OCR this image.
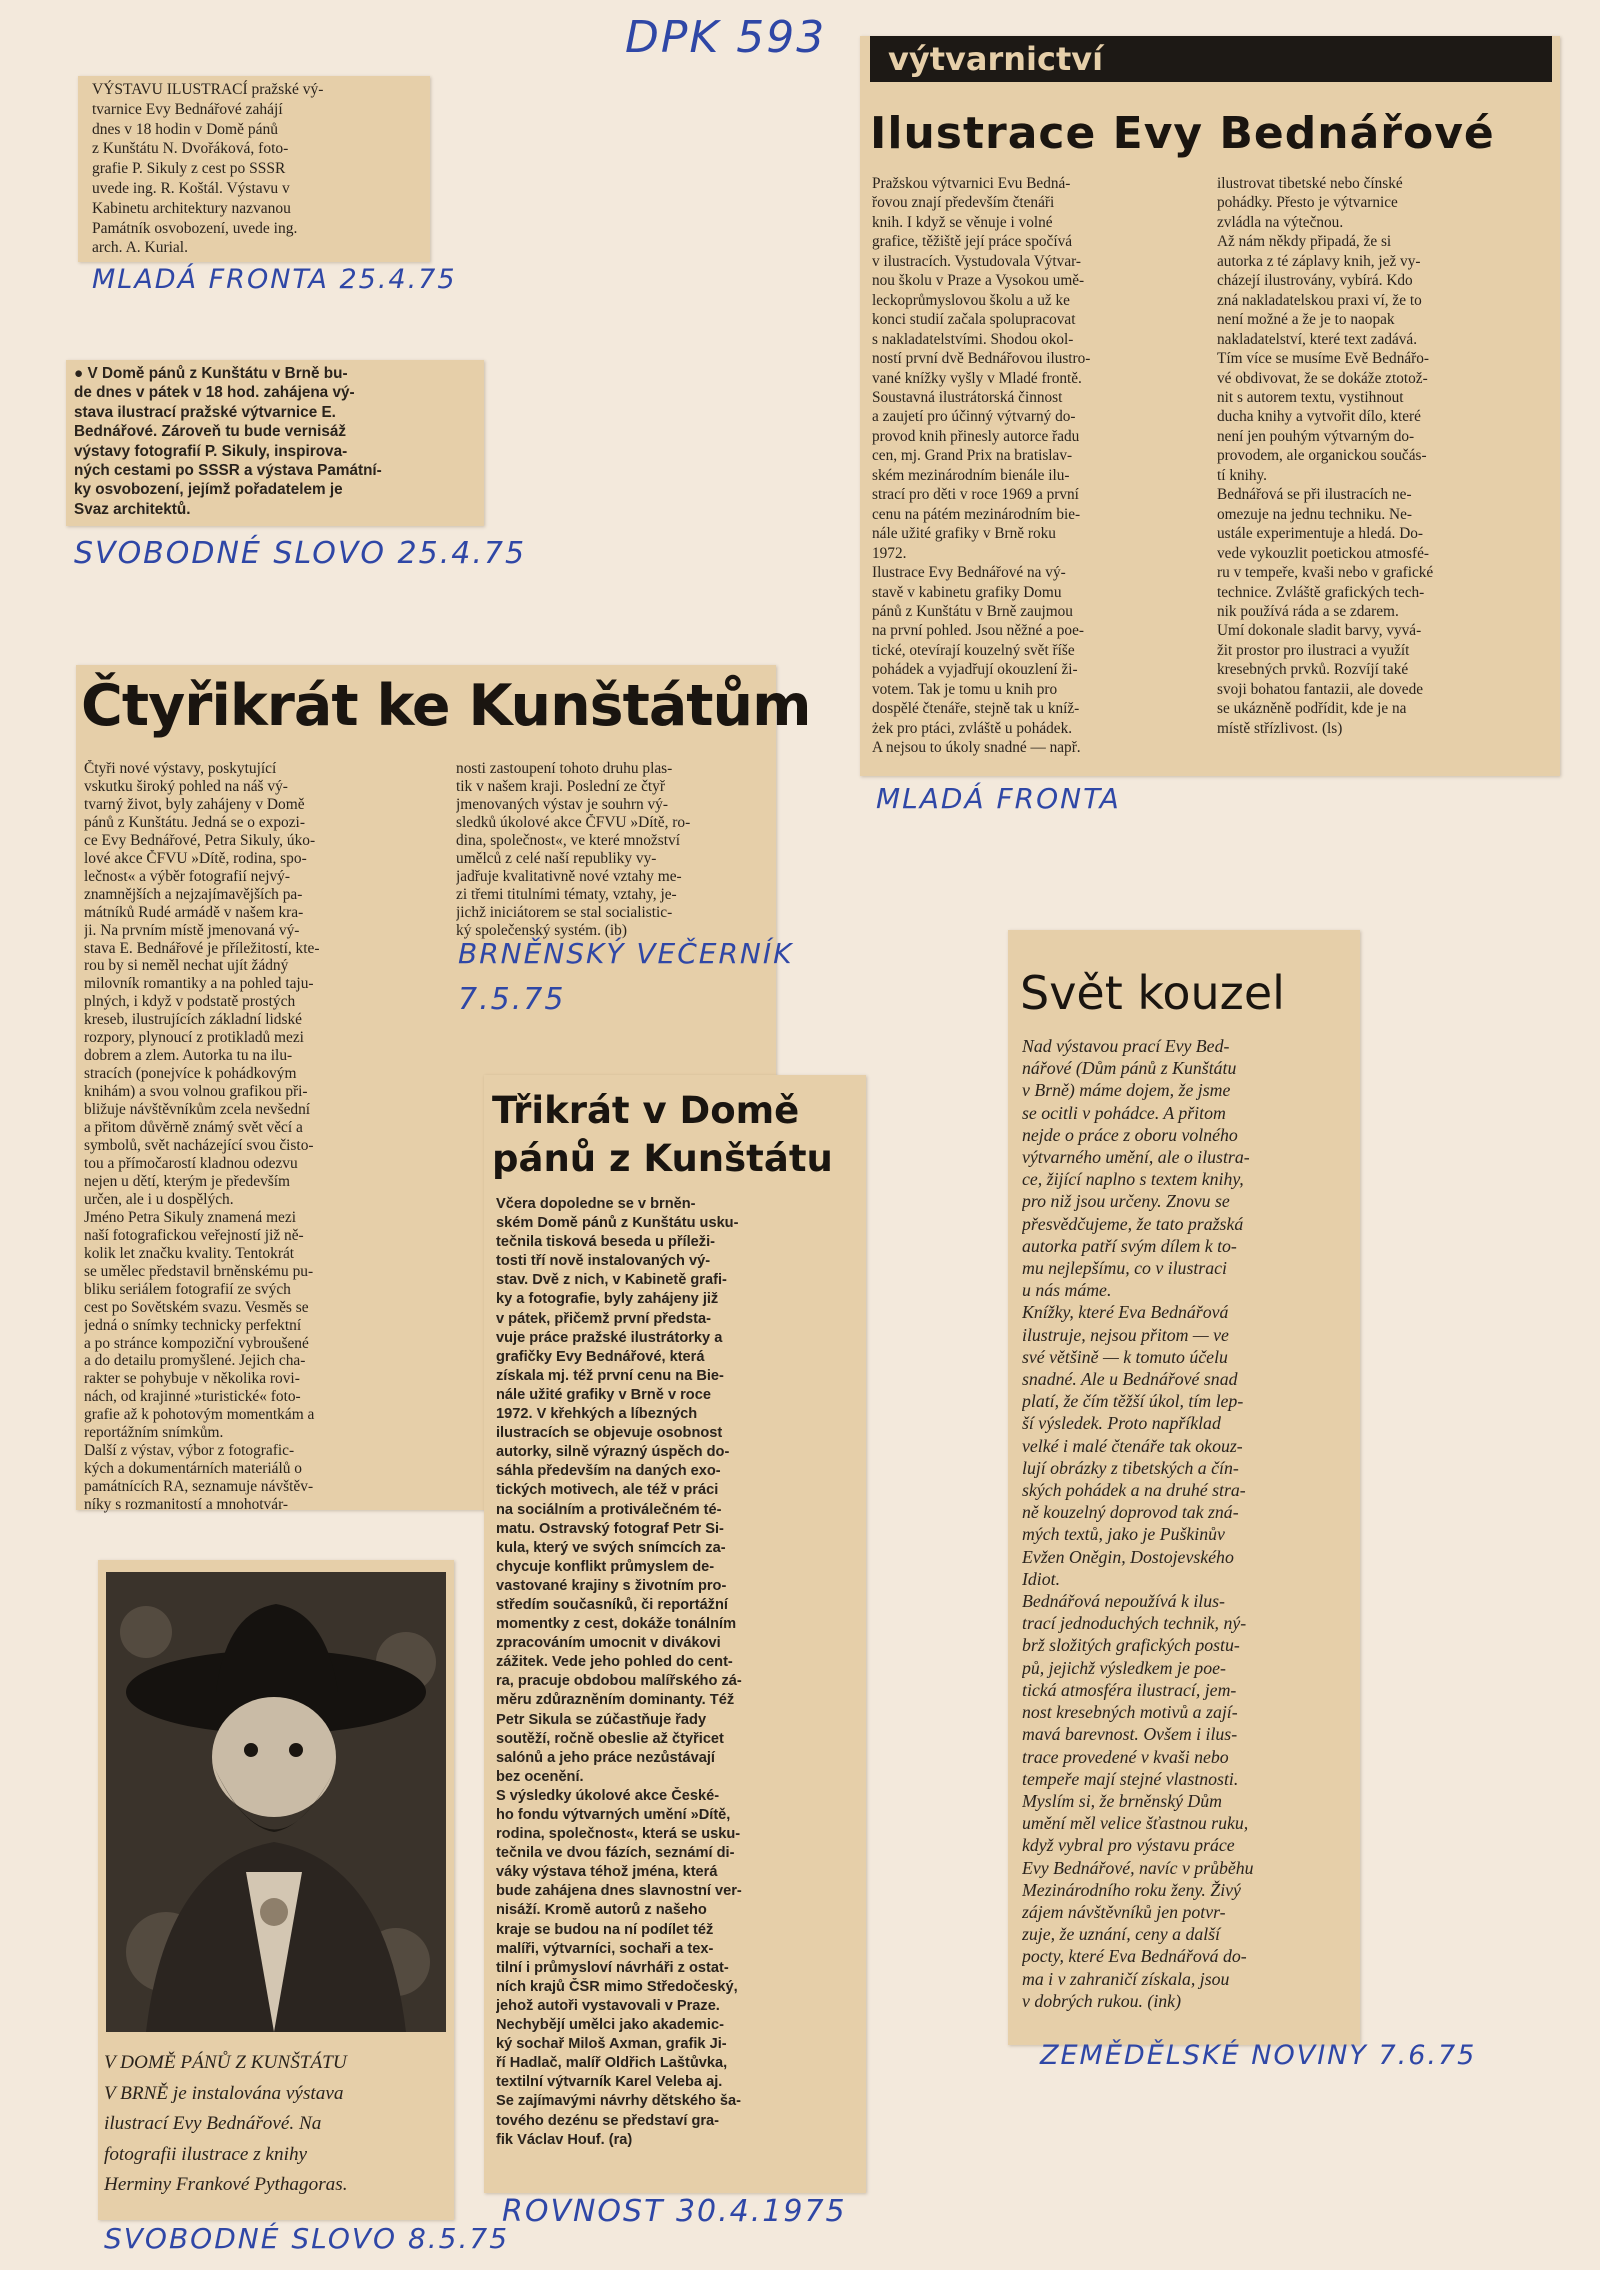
DPK 593
VÝSTAVU ILUSTRACÍ pražské vý-
tvarnice Evy Bednářové zahájí
dnes v 18 hodin v Domě pánů
z Kunštátu N. Dvořáková, foto-
grafie P. Sikuly z cest po SSSR
uvede ing. R. Koštál. Výstavu v
Kabinetu architektury nazvanou
Památník osvobození, uvede ing.
arch. A. Kurial.
MLADÁ FRONTA 25.4.75
● V Domě pánů z Kunštátu v Brně bu-
de dnes v pátek v 18 hod. zahájena vý-
stava ilustrací pražské výtvarnice E.
Bednářové. Zároveň tu bude vernisáž
výstavy fotografií P. Sikuly, inspirova-
ných cestami po SSSR a výstava Památní-
ky osvobození, jejímž pořadatelem je
Svaz architektů.
SVOBODNÉ SLOVO 25.4.75
Čtyřikrát ke Kunštátům
Čtyři nové výstavy, poskytující
vskutku široký pohled na náš vý-
tvarný život, byly zahájeny v Domě
pánů z Kunštátu. Jedná se o expozi-
ce Evy Bednářové, Petra Sikuly, úko-
lové akce ČFVU »Dítě, rodina, spo-
lečnost« a výběr fotografií nejvý-
znamnějších a nejzajímavějších pa-
mátníků Rudé armádě v našem kra-
ji. Na prvním místě jmenovaná vý-
stava E. Bednářové je příležitostí, kte-
rou by si neměl nechat ujít žádný
milovník romantiky a na pohled taju-
plných, i když v podstatě prostých
kreseb, ilustrujících základní lidské
rozpory, plynoucí z protikladů mezi
dobrem a zlem. Autorka tu na ilu-
stracích (ponejvíce k pohádkovým
knihám) a svou volnou grafikou při-
bližuje návštěvníkům zcela nevšední
a přitom důvěrně známý svět věcí a
symbolů, svět nacházející svou čisto-
tou a přímočarostí kladnou odezvu
nejen u dětí, kterým je především
určen, ale i u dospělých.
Jméno Petra Sikuly znamená mezi
naší fotografickou veřejností již ně-
kolik let značku kvality. Tentokrát
se umělec představil brněnskému pu-
bliku seriálem fotografií ze svých
cest po Sovětském svazu. Vesměs se
jedná o snímky technicky perfektní
a po stránce kompoziční vybroušené
a do detailu promyšlené. Jejich cha-
rakter se pohybuje v několika rovi-
nách, od krajinné »turistické« foto-
grafie až k pohotovým momentkám a
reportážním snímkům.
Další z výstav, výbor z fotografic-
kých a dokumentárních materiálů o
památnících RA, seznamuje návštěv-
níky s rozmanitostí a mnohotvár-
nosti zastoupení tohoto druhu plas-
tik v našem kraji. Poslední ze čtyř
jmenovaných výstav je souhrn vý-
sledků úkolové akce ČFVU »Dítě, ro-
dina, společnost«, ve které množství
umělců z celé naší republiky vy-
jadřuje kvalitativně nové vztahy me-
zi třemi titulními tématy, vztahy, je-
jichž iniciátorem se stal socialistic-
ký společenský systém. (ib)
BRNĚNSKÝ VEČERNÍK
7.5.75
výtvarnictví
Ilustrace Evy Bednářové
Pražskou výtvarnici Evu Bedná-
řovou znají především čtenáři
knih. I když se věnuje i volné
grafice, těžiště její práce spočívá
v ilustracích. Vystudovala Výtvar-
nou školu v Praze a Vysokou umě-
leckoprůmyslovou školu a už ke
konci studií začala spolupracovat
s nakladatelstvími. Shodou okol-
ností první dvě Bednářovou ilustro-
vané knížky vyšly v Mladé frontě.
Soustavná ilustrátorská činnost
a zaujetí pro účinný výtvarný do-
provod knih přinesly autorce řadu
cen, mj. Grand Prix na bratislav-
ském mezinárodním bienále ilu-
strací pro děti v roce 1969 a první
cenu na pátém mezinárodním bie-
nále užité grafiky v Brně roku
1972.
Ilustrace Evy Bednářové na vý-
stavě v kabinetu grafiky Domu
pánů z Kunštátu v Brně zaujmou
na první pohled. Jsou něžné a poe-
tické, otevírají kouzelný svět říše
pohádek a vyjadřují okouzlení ži-
votem. Tak je tomu u knih pro
dospělé čtenáře, stejně tak u kníž-
żek pro ptáci, zvláště u pohádek.
A nejsou to úkoly snadné — např.
ilustrovat tibetské nebo čínské
pohádky. Přesto je výtvarnice
zvládla na výtečnou.
Až nám někdy připadá, že si
autorka z té záplavy knih, jež vy-
cházejí ilustrovány, vybírá. Kdo
zná nakladatelskou praxi ví, že to
není možné a že je to naopak
nakladatelství, které text zadává.
Tím více se musíme Evě Bednářo-
vé obdivovat, že se dokáže ztotož-
nit s autorem textu, vystihnout
ducha knihy a vytvořit dílo, které
není jen pouhým výtvarným do-
provodem, ale organickou součás-
tí knihy.
Bednářová se při ilustracích ne-
omezuje na jednu techniku. Ne-
ustále experimentuje a hledá. Do-
vede vykouzlit poetickou atmosfé-
ru v tempeře, kvaši nebo v grafické
technice. Zvláště grafických tech-
nik používá ráda a se zdarem.
Umí dokonale sladit barvy, vyvá-
žit prostor pro ilustraci a využít
kresebných prvků. Rozvíjí také
svoji bohatou fantazii, ale dovede
se ukázněně podřídit, kde je na
místě střízlivost. (ls)
MLADÁ FRONTA
Třikrát v Domě
pánů z Kunštátu
Včera dopoledne se v brněn-
ském Domě pánů z Kunštátu usku-
tečnila tisková beseda u příleži-
tosti tří nově instalovaných vý-
stav. Dvě z nich, v Kabinetě grafi-
ky a fotografie, byly zahájeny již
v pátek, přičemž první předsta-
vuje práce pražské ilustrátorky a
grafičky Evy Bednářové, která
získala mj. též první cenu na Bie-
nále užité grafiky v Brně v roce
1972. V křehkých a líbezných
ilustracích se objevuje osobnost
autorky, silně výrazný úspěch do-
sáhla především na daných exo-
tických motivech, ale též v práci
na sociálním a protiválečném té-
matu. Ostravský fotograf Petr Si-
kula, který ve svých snímcích za-
chycuje konflikt průmyslem de-
vastované krajiny s životním pro-
středím současníků, či reportážní
momentky z cest, dokáže tonálním
zpracováním umocnit v divákovi
zážitek. Vede jeho pohled do cent-
ra, pracuje obdobou malířského zá-
měru zdůrazněním dominanty. Též
Petr Sikula se zúčastňuje řady
soutěží, ročně obeslie až čtyřicet
salónů a jeho práce nezůstávají
bez ocenění.
S výsledky úkolové akce České-
ho fondu výtvarných umění »Dítě,
rodina, společnost«, která se usku-
tečnila ve dvou fázích, seznámí di-
váky výstava téhož jména, která
bude zahájena dnes slavnostní ver-
nisáží. Kromě autorů z našeho
kraje se budou na ní podílet též
malíři, výtvarníci, sochaři a tex-
tilní i průmysloví návrháři z ostat-
ních krajů ČSR mimo Středočeský,
jehož autoři vystavovali v Praze.
Nechybějí umělci jako akademic-
ký sochař Miloš Axman, grafik Ji-
ří Hadlač, malíř Oldřich Laštůvka,
textilní výtvarník Karel Veleba aj.
Se zajímavými návrhy dětského ša-
tového dezénu se představí gra-
fik Václav Houf. (ra)
ROVNOST 30.4.1975
V DOMĚ PÁNŮ Z KUNŠTÁTU
V BRNĚ je instalována výstava
ilustrací Evy Bednářové. Na
fotografii ilustrace z knihy
Herminy Frankové Pythagoras.
SVOBODNÉ SLOVO 8.5.75
Svět kouzel
Nad výstavou prací Evy Bed-
nářové (Dům pánů z Kunštátu
v Brně) máme dojem, že jsme
se ocitli v pohádce. A přitom
nejde o práce z oboru volného
výtvarného umění, ale o ilustra-
ce, žijící naplno s textem knihy,
pro niž jsou určeny. Znovu se
přesvědčujeme, že tato pražská
autorka patří svým dílem k to-
mu nejlepšímu, co v ilustraci
u nás máme.
Knížky, které Eva Bednářová
ilustruje, nejsou přitom — ve
své většině — k tomuto účelu
snadné. Ale u Bednářové snad
platí, že čím těžší úkol, tím lep-
ší výsledek. Proto například
velké i malé čtenáře tak okouz-
lují obrázky z tibetských a čín-
ských pohádek a na druhé stra-
ně kouzelný doprovod tak zná-
mých textů, jako je Puškinův
Evžen Oněgin, Dostojevského
Idiot.
Bednářová nepoužívá k ilus-
trací jednoduchých technik, ný-
brž složitých grafických postu-
pů, jejichž výsledkem je poe-
tická atmosféra ilustrací, jem-
nost kresebných motivů a zají-
mavá barevnost. Ovšem i ilus-
trace provedené v kvaši nebo
tempeře mají stejné vlastnosti.
Myslím si, že brněnský Dům
umění měl velice šťastnou ruku,
když vybral pro výstavu práce
Evy Bednářové, navíc v průběhu
Mezinárodního roku ženy. Živý
zájem návštěvníků jen potvr-
zuje, že uznání, ceny a další
pocty, které Eva Bednářová do-
ma i v zahraničí získala, jsou
v dobrých rukou. (ink)
ZEMĚDĚLSKÉ NOVINY 7.6.75
